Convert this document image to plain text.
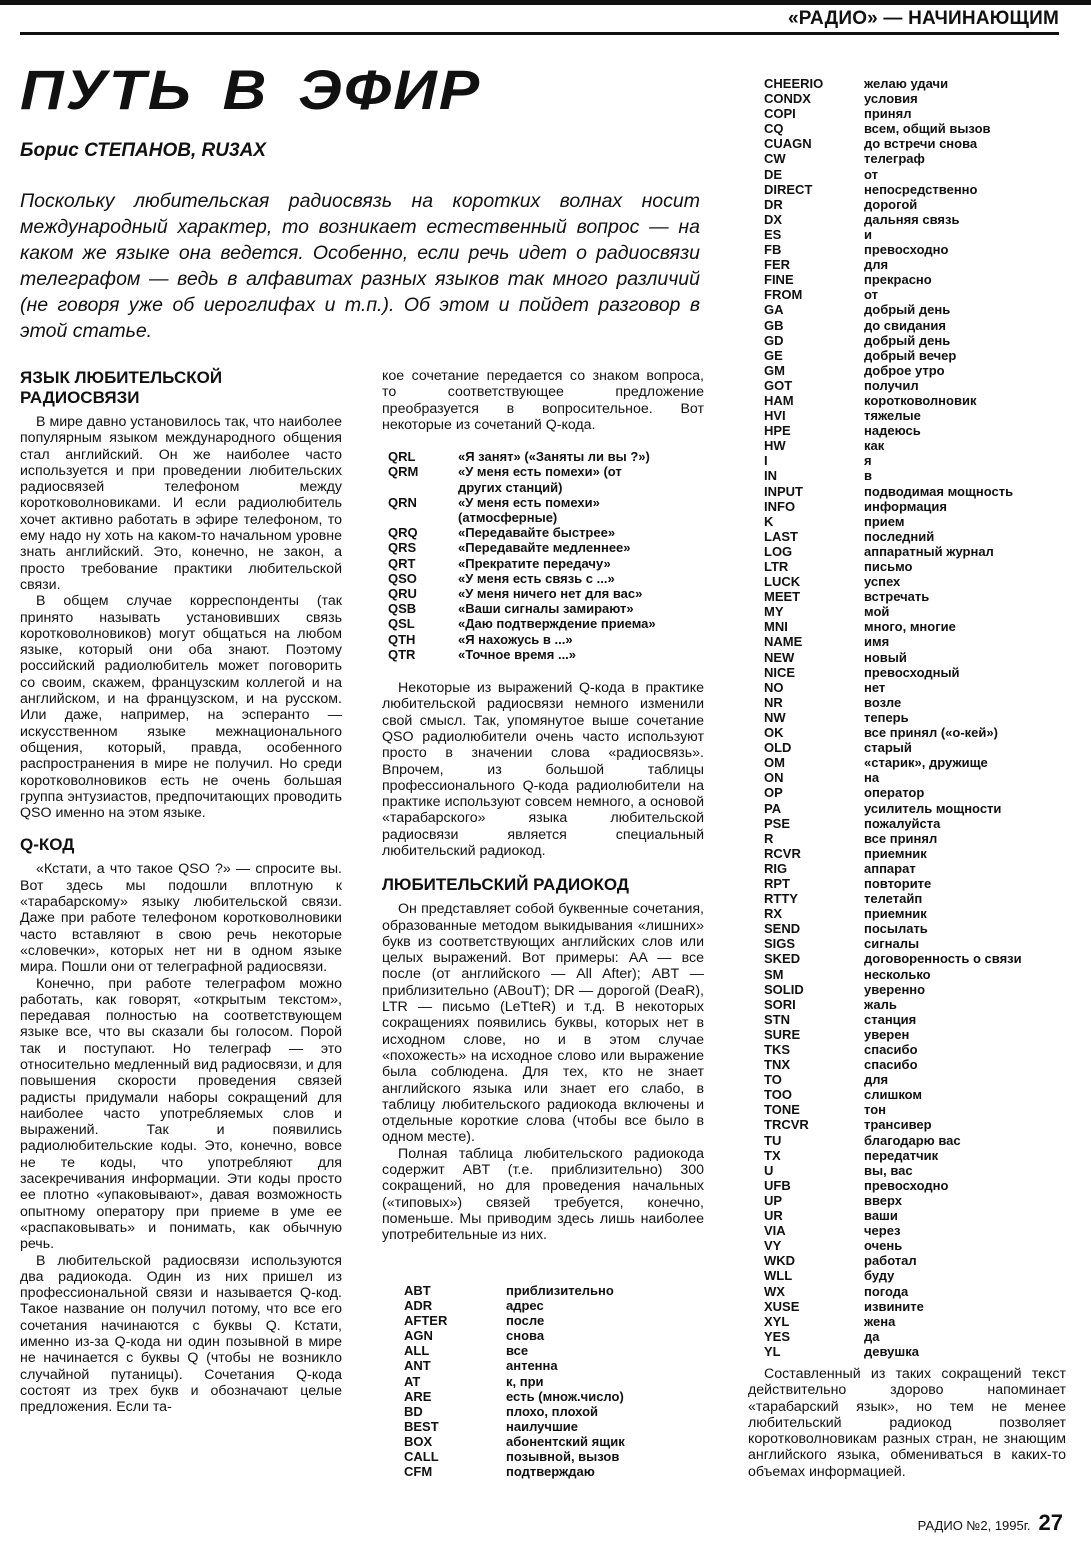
«РАДИО» — НАЧИНАЮЩИМ
ПУТЬ В ЭФИР
Борис СТЕПАНОВ, RU3AX
Поскольку любительская радиосвязь на коротких волнах носит международный характер, то возникает естественный вопрос — на каком же языке она ведется. Особенно, если речь идет о радиосвязи телеграфом — ведь в алфавитах разных языков так много различий (не говоря уже об иероглифах и т.п.). Об этом и пойдет разговор в этой статье.
ЯЗЫК ЛЮБИТЕЛЬСКОЙ РАДИОСВЯЗИ

В мире давно установилось так, что наиболее популярным языком международного общения стал английский. Он же наиболее часто используется и при проведении любительских радиосвязей телефоном между коротковолновиками. И если радиолюбитель хочет активно работать в эфире телефоном, то ему надо ну хоть на каком-то начальном уровне знать английский. Это, конечно, не закон, а просто требование практики любительской связи.

В общем случае корреспонденты (так принято называть установивших связь коротковолновиков) могут общаться на любом языке, который они оба знают. Поэтому российский радиолюбитель может поговорить со своим, скажем, французским коллегой и на английском, и на французском, и на русском. Или даже, например, на эсперанто — искусственном языке межнационального общения, который, правда, особенного распространения в мире не получил. Но среди коротковолновиков есть не очень большая группа энтузиастов, предпочитающих проводить QSO именно на этом языке.

Q-КОД

«Кстати, а что такое QSO ?» — спросите вы. Вот здесь мы подошли вплотную к «тарабарскому» языку любительской связи. Даже при работе телефоном коротковолновики часто вставляют в свою речь некоторые «словечки», которых нет ни в одном языке мира. Пошли они от телеграфной радиосвязи.

Конечно, при работе телеграфом можно работать, как говорят, «открытым текстом», передавая полностью на соответствующем языке все, что вы сказали бы голосом. Порой так и поступают. Но телеграф — это относительно медленный вид радиосвязи, и для повышения скорости проведения связей радисты придумали наборы сокращений для наиболее часто употребляемых слов и выражений. Так и появились радиолюбительские коды. Это, конечно, вовсе не те коды, что употребляют для засекречивания информации. Эти коды просто ее плотно «упаковывают», давая возможность опытному оператору при приеме в уме ее «распаковывать» и понимать, как обычную речь.

В любительской радиосвязи используются два радиокода. Один из них пришел из профессиональной связи и называется Q-код. Такое название он получил потому, что все его сочетания начинаются с буквы Q. Кстати, именно из-за Q-кода ни один позывной в мире не начинается с буквы Q (чтобы не возникло случайной путаницы). Сочетания Q-кода состоят из трех букв и обозначают целые предложения. Если та-

кое сочетание передается со знаком вопроса, то соответствующее предложение преобразуется в вопросительное. Вот некоторые из сочетаний Q-кода.

QRL	«Я занят» («Заняты ли вы ?»)
QRM	«У меня есть помехи» (от других станций)
QRN	«У меня есть помехи» (атмосферные)
QRQ	«Передавайте быстрее»
QRS	«Передавайте медленнее»
QRT	«Прекратите передачу»
QSO	«У меня есть связь с ...»
QRU	«У меня ничего нет для вас»
QSB	«Ваши сигналы замирают»
QSL	«Даю подтверждение приема»
QTH	«Я нахожусь в ...»
QTR	«Точное время ...»

Некоторые из выражений Q-кода в практике любительской радиосвязи немного изменили свой смысл. Так, упомянутое выше сочетание QSO радиолюбители очень часто используют просто в значении слова «радиосвязь». Впрочем, из большой таблицы профессионального Q-кода радиолюбители на практике используют совсем немного, а основой «тарабарского» языка любительской радиосвязи является специальный любительский радиокод.

ЛЮБИТЕЛЬСКИЙ РАДИОКОД

Он представляет собой буквенные сочетания, образованные методом выкидывания «лишних» букв из соответствующих английских слов или целых выражений. Вот примеры: AA — все после (от английского — All After); ABT — приблизительно (ABouT); DR — дорогой (DeaR), LTR — письмо (LeTteR) и т.д. В некоторых сокращениях появились буквы, которых нет в исходном слове, но и в этом случае «похожесть» на исходное слово или выражение была соблюдена. Для тех, кто не знает английского языка или знает его слабо, в таблицу любительского радиокода включены и отдельные короткие слова (чтобы все было в одном месте).

Полная таблица любительского радиокода содержит ABT (т.е. приблизительно) 300 сокращений, но для проведения начальных («типовых») связей требуется, конечно, поменьше. Мы приводим здесь лишь наиболее употребительные из них.

ABT	приблизительно
ADR	адрес
AFTER	после
AGN	снова
ALL	все
ANT	антенна
AT	к, при
ARE	есть (множ.число)
BD	плохо, плохой
BEST	наилучшие
BOX	абонентский ящик
CALL	позывной, вызов
CFM	подтверждаю
CHEERIO	желаю удачи
CONDX	условия
COPI	принял
CQ	всем, общий вызов
CUAGN	до встречи снова
CW	телеграф
DE	от
DIRECT	непосредственно
DR	дорогой
DX	дальняя связь
ES	и
FB	превосходно
FER	для
FINE	прекрасно
FROM	от
GA	добрый день
GB	до свидания
GD	добрый день
GE	добрый вечер
GM	доброе утро
GOT	получил
HAM	коротковолновик
HVI	тяжелые
HPE	надеюсь
HW	как
I	я
IN	в
INPUT	подводимая мощность
INFO	информация
K	прием
LAST	последний
LOG	аппаратный журнал
LTR	письмо
LUCK	успех
MEET	встречать
MY	мой
MNI	много, многие
NAME	имя
NEW	новый
NICE	превосходный
NO	нет
NR	возле
NW	теперь
OK	все принял («о-кей»)
OLD	старый
OM	«старик», дружище
ON	на
OP	оператор
PA	усилитель мощности
PSE	пожалуйста
R	все принял
RCVR	приемник
RIG	аппарат
RPT	повторите
RTTY	телетайп
RX	приемник
SEND	посылать
SIGS	сигналы
SKED	договоренность о связи
SM	несколько
SOLID	уверенно
SORI	жаль
STN	станция
SURE	уверен
TKS	спасибо
TNX	спасибо
TO	для
TOO	слишком
TONE	тон
TRCVR	трансивер
TU	благодарю вас
TX	передатчик
U	вы, вас
UFB	превосходно
UP	вверх
UR	ваши
VIA	через
VY	очень
WKD	работал
WLL	буду
WX	погода
XUSE	извините
XYL	жена
YES	да
YL	девушка

Составленный из таких сокращений текст действительно здорово напоминает «тарабарский язык», но тем не менее любительский радиокод позволяет коротковолновикам разных стран, не знающим английского языка, обмениваться в каких-то объемах информацией.

РАДИО №2, 1995г. 27
